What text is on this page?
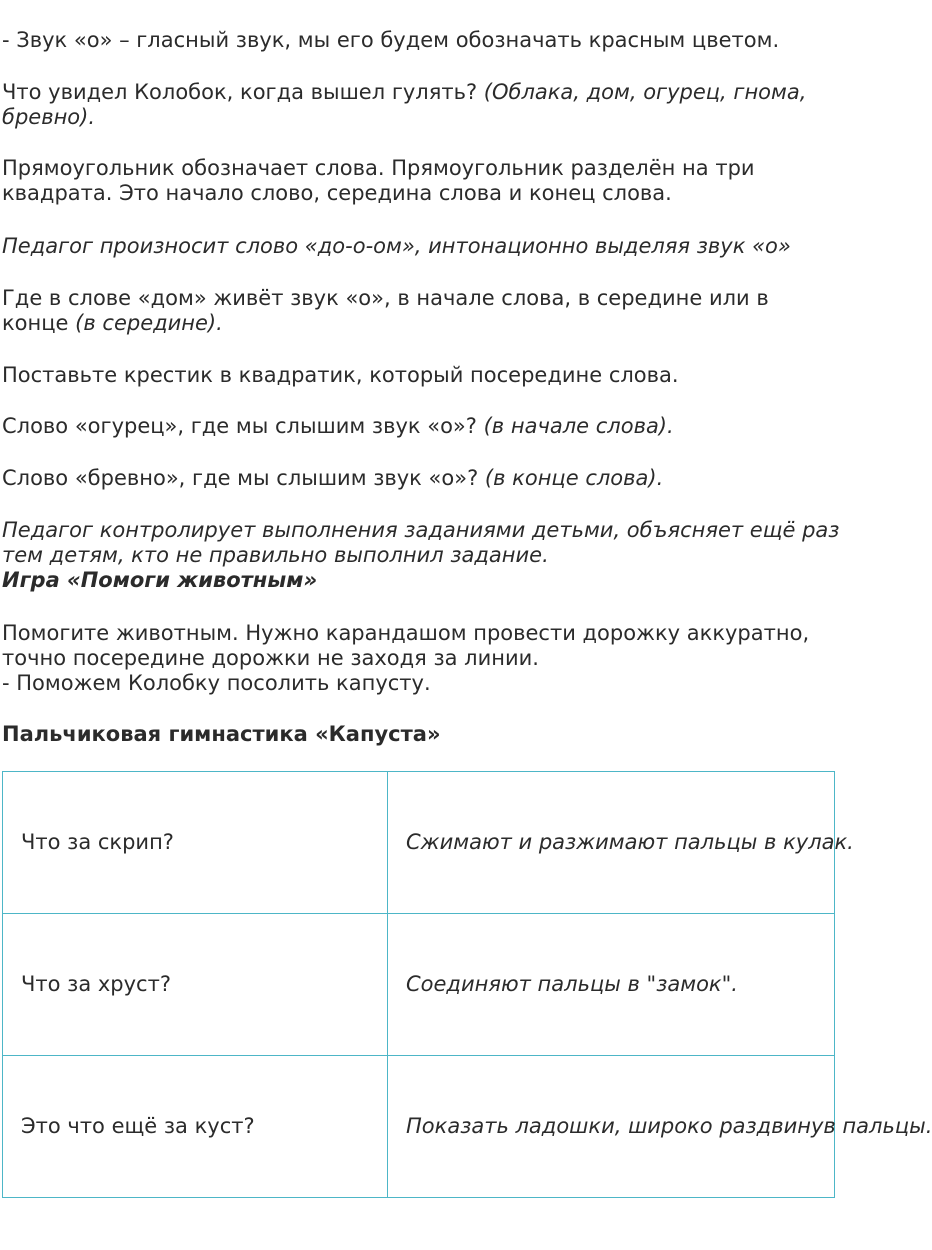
- Звук «о» – гласный звук, мы его будем обозначать красным цветом.
Что увидел Колобок, когда вышел гулять? (Облака, дом, огурец, гнома,
бревно).
Прямоугольник обозначает слова. Прямоугольник разделён на три
квадрата. Это начало слово, середина слова и конец слова.
Педагог произносит слово «до-о-ом», интонационно выделяя звук «о»
Где в слове «дом» живёт звук «о», в начале слова, в середине или в
конце (в середине).
Поставьте крестик в квадратик, который посередине слова.
Слово «огурец», где мы слышим звук «о»? (в начале слова).
Слово «бревно», где мы слышим звук «о»? (в конце слова).
Педагог контролирует выполнения заданиями детьми, объясняет ещё раз
тем детям, кто не правильно выполнил задание.
Игра «Помоги животным»
Помогите животным. Нужно карандашом провести дорожку аккуратно,
точно посередине дорожки не заходя за линии.
- Поможем Колобку посолить капусту.
Пальчиковая гимнастика «Капуста»
Что за скрип?	Сжимают и разжимают пальцы в кулак.
Что за хруст?	Соединяют пальцы в "замок".
Это что ещё за куст?	Показать ладошки, широко раздвинув пальцы.
